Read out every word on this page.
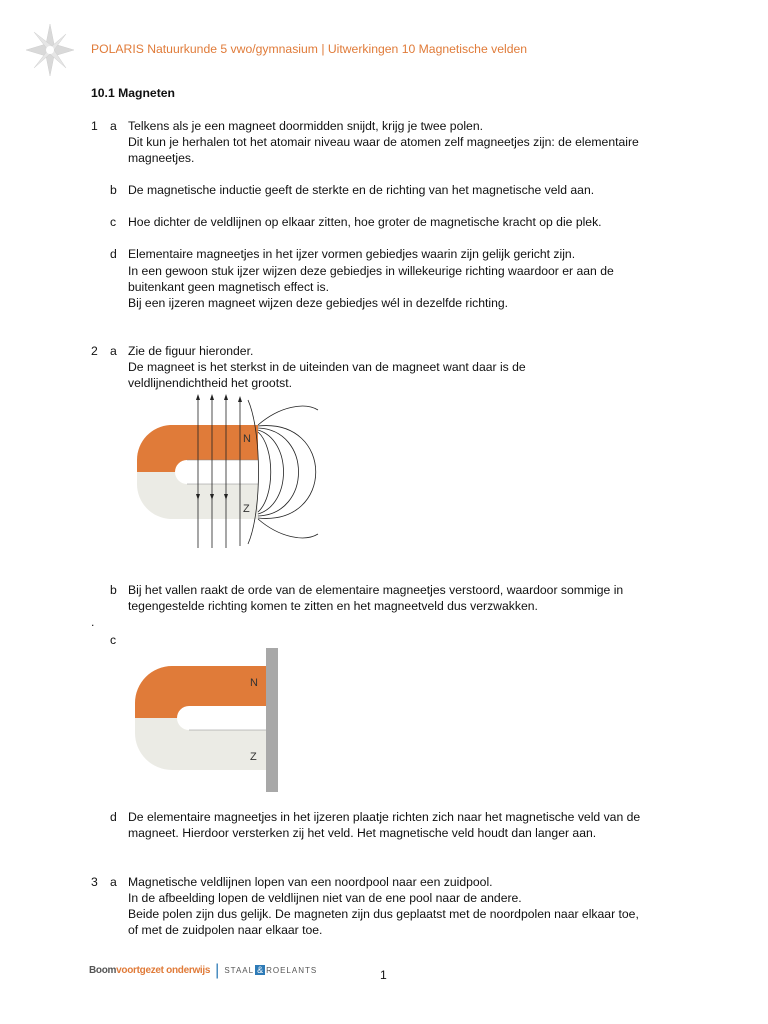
POLARIS Natuurkunde 5 vwo/gymnasium | Uitwerkingen 10 Magnetische velden
10.1 Magneten
1 a Telkens als je een magneet doormidden snijdt, krijg je twee polen.
Dit kun je herhalen tot het atomair niveau waar de atomen zelf magneetjes zijn: de elementaire
magneetjes.
b De magnetische inductie geeft de sterkte en de richting van het magnetische veld aan.
c Hoe dichter de veldlijnen op elkaar zitten, hoe groter de magnetische kracht op die plek.
d Elementaire magneetjes in het ijzer vormen gebiedjes waarin zijn gelijk gericht zijn.
In een gewoon stuk ijzer wijzen deze gebiedjes in willekeurige richting waardoor er aan de
buitenkant geen magnetisch effect is.
Bij een ijzeren magneet wijzen deze gebiedjes wél in dezelfde richting.
2 a Zie de figuur hieronder.
De magneet is het sterkst in de uiteinden van de magneet want daar is de
veldlijnendichtheid het grootst.
N
Z
b Bij het vallen raakt de orde van de elementaire magneetjes verstoord, waardoor sommige in
tegengestelde richting komen te zitten en het magneetveld dus verzwakken.
.
c
N
Z
d De elementaire magneetjes in het ijzeren plaatje richten zich naar het magnetische veld van de
magneet. Hierdoor versterken zij het veld. Het magnetische veld houdt dan langer aan.
3 a Magnetische veldlijnen lopen van een noordpool naar een zuidpool.
In de afbeelding lopen de veldlijnen niet van de ene pool naar de andere.
Beide polen zijn dus gelijk. De magneten zijn dus geplaatst met de noordpolen naar elkaar toe,
of met de zuidpolen naar elkaar toe.
Boomvoortgezet onderwijs | STAAL & ROELANTS	1
